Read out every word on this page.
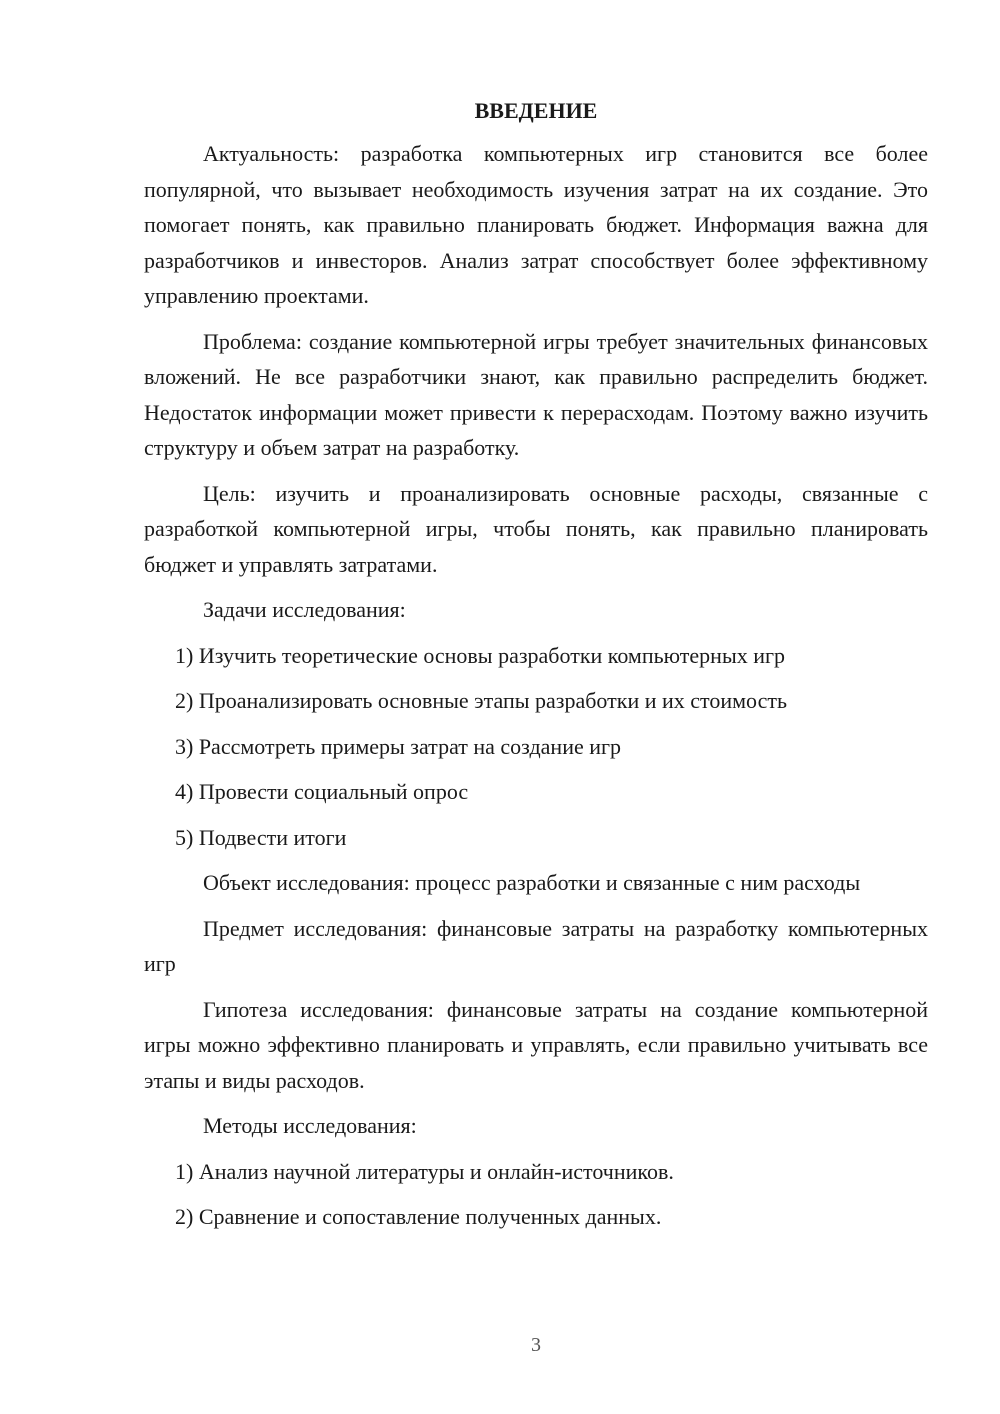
ВВЕДЕНИЕ

Актуальность: разработка компьютерных игр становится все более популярной, что вызывает необходимость изучения затрат на их создание. Это помогает понять, как правильно планировать бюджет. Информация важна для разработчиков и инвесторов. Анализ затрат способствует более эффективному управлению проектами.

Проблема: создание компьютерной игры требует значительных финансовых вложений. Не все разработчики знают, как правильно распределить бюджет. Недостаток информации может привести к перерасходам. Поэтому важно изучить структуру и объем затрат на разработку.

Цель: изучить и проанализировать основные расходы, связанные с разработкой компьютерной игры, чтобы понять, как правильно планировать бюджет и управлять затратами.

Задачи исследования:

1) Изучить теоретические основы разработки компьютерных игр

2) Проанализировать основные этапы разработки и их стоимость

3) Рассмотреть примеры затрат на создание игр

4) Провести социальный опрос

5) Подвести итоги

Объект исследования: процесс разработки и связанные с ним расходы

Предмет исследования: финансовые затраты на разработку компьютерных игр

Гипотеза исследования: финансовые затраты на создание компьютерной игры можно эффективно планировать и управлять, если правильно учитывать все этапы и виды расходов.

Методы исследования:

1) Анализ научной литературы и онлайн-источников.

2) Сравнение и сопоставление полученных данных.

3
